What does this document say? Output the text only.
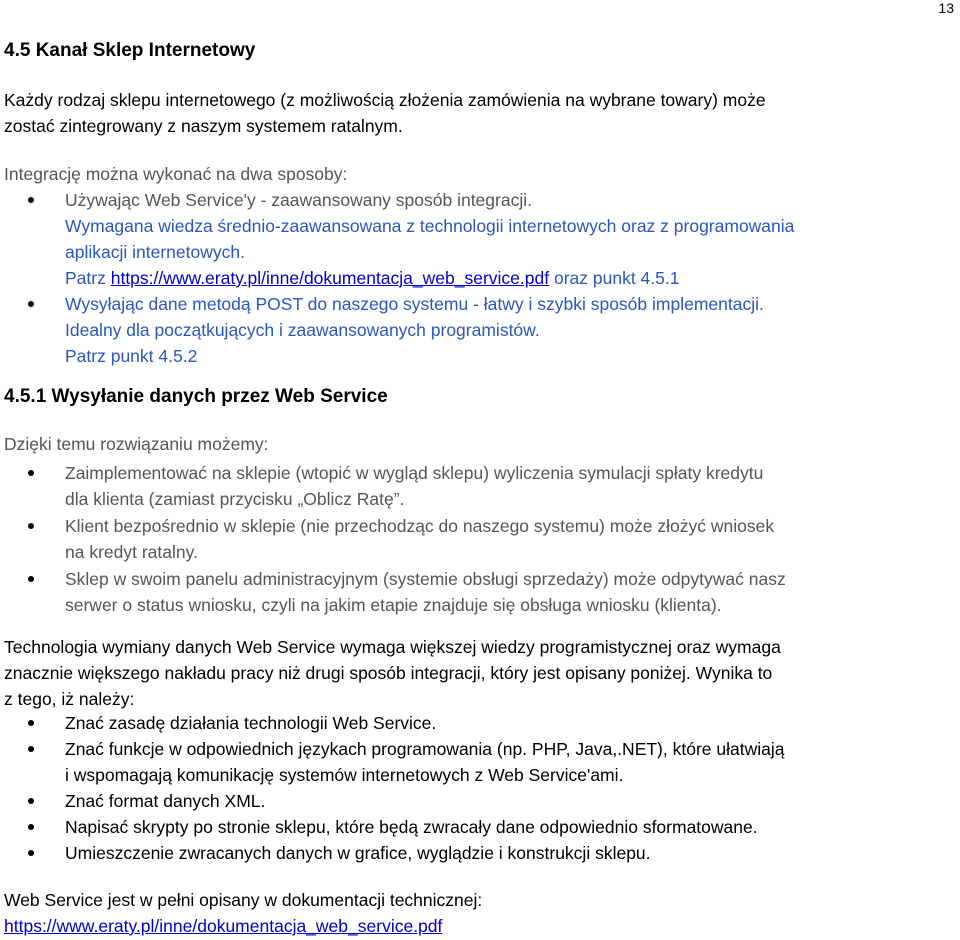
13
4.5 Kanał Sklep Internetowy
Każdy rodzaj sklepu internetowego (z możliwością złożenia zamówienia na wybrane towary) może
zostać zintegrowany z naszym systemem ratalnym.
Integrację można wykonać na dwa sposoby:
Używając Web Service'y - zaawansowany sposób integracji.
Wymagana wiedza średnio-zaawansowana z technologii internetowych oraz z programowania
aplikacji internetowych.
Patrz https://www.eraty.pl/inne/dokumentacja_web_service.pdf oraz punkt 4.5.1
Wysyłając dane metodą POST do naszego systemu - łatwy i szybki sposób implementacji.
Idealny dla początkujących i zaawansowanych programistów.
Patrz punkt 4.5.2
4.5.1 Wysyłanie danych przez Web Service
Dzięki temu rozwiązaniu możemy:
Zaimplementować na sklepie (wtopić w wygląd sklepu) wyliczenia symulacji spłaty kredytu
dla klienta (zamiast przycisku „Oblicz Ratę”.
Klient bezpośrednio w sklepie (nie przechodząc do naszego systemu) może złożyć wniosek
na kredyt ratalny.
Sklep w swoim panelu administracyjnym (systemie obsługi sprzedaży) może odpytywać nasz
serwer o status wniosku, czyli na jakim etapie znajduje się obsługa wniosku (klienta).
Technologia wymiany danych Web Service wymaga większej wiedzy programistycznej oraz wymaga
znacznie większego nakładu pracy niż drugi sposób integracji, który jest opisany poniżej. Wynika to
z tego, iż należy:
Znać zasadę działania technologii Web Service.
Znać funkcje w odpowiednich językach programowania (np. PHP, Java,.NET), które ułatwiają
i wspomagają komunikację systemów internetowych z Web Service'ami.
Znać format danych XML.
Napisać skrypty po stronie sklepu, które będą zwracały dane odpowiednio sformatowane.
Umieszczenie zwracanych danych w grafice, wyglądzie i konstrukcji sklepu.
Web Service jest w pełni opisany w dokumentacji technicznej:
https://www.eraty.pl/inne/dokumentacja_web_service.pdf
